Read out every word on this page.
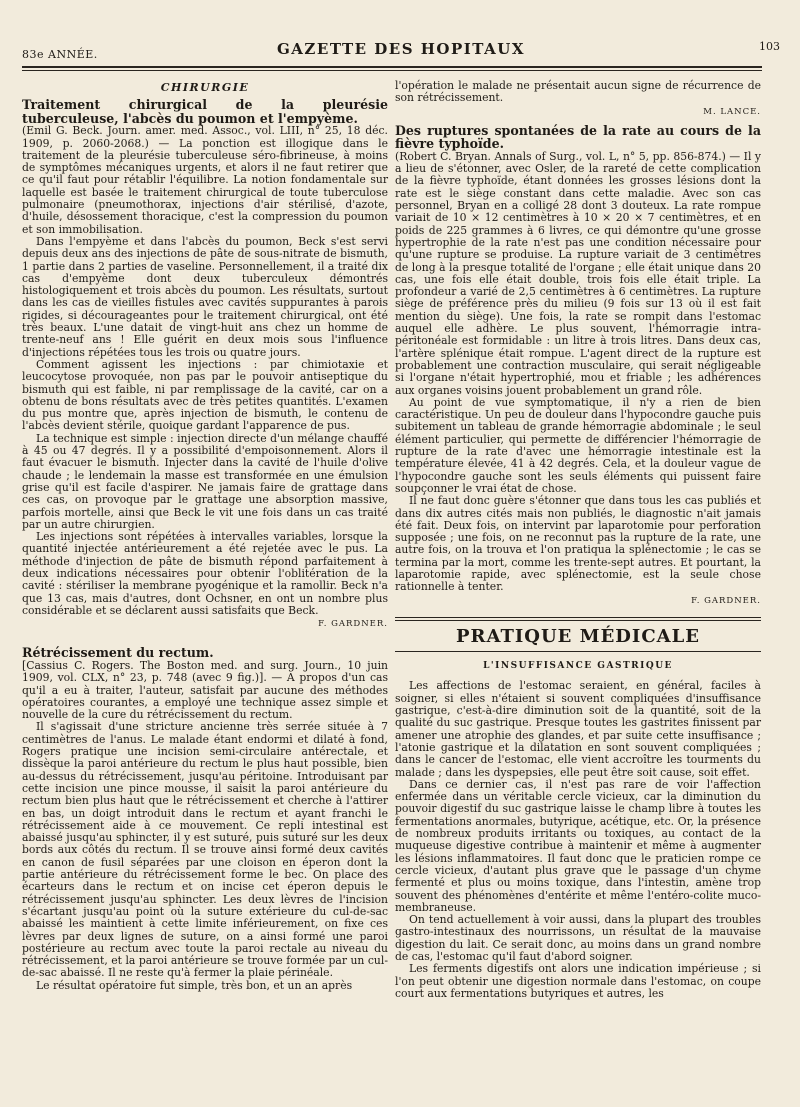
83e ANNÉE.	GAZETTE DES HOPITAUX	103
CHIRURGIE

Traitement chirurgical de la pleurésie tuberculeuse, l'abcès du poumon et l'empyème.

(Emil G. Beck. Journ. amer. med. Assoc., vol. LIII, n° 25, 18 déc. 1909, p. 2060-2068.) — La ponction est illogique dans le traitement de la pleurésie tuberculeuse séro-fibrineuse, à moins de symptômes mécaniques urgents, et alors il ne faut retirer que ce qu'il faut pour rétablir l'équilibre. La notion fondamentale sur laquelle est basée le traitement chirurgical de toute tuberculose pulmonaire (pneumothorax, injections d'air stérilisé, d'azote, d'huile, désossement thoracique, c'est la compression du poumon et son immobilisation.

Dans l'empyème et dans l'abcès du poumon, Beck s'est servi depuis deux ans des injections de pâte de sous-nitrate de bismuth, 1 partie dans 2 parties de vaseline. Personnellement, il a traité dix cas d'empyème dont deux tuberculeux démontrés histologiquement et trois abcès du poumon. Les résultats, surtout dans les cas de vieilles fistules avec cavités suppurantes à parois rigides, si décourageantes pour le traitement chirurgical, ont été très beaux. L'une datait de vingt-huit ans chez un homme de trente-neuf ans ! Elle guérit en deux mois sous l'influence d'injections répétées tous les trois ou quatre jours.

Comment agissent les injections : par chimiotaxie et leucocytose provoquée, non pas par le pouvoir antiseptique du bismuth qui est faible, ni par remplissage de la cavité, car on a obtenu de bons résultats avec de très petites quantités. L'examen du pus montre que, après injection de bismuth, le contenu de l'abcès devient stérile, quoique gardant l'apparence de pus.

La technique est simple : injection directe d'un mélange chauffé à 45 ou 47 degrés. Il y a possibilité d'empoisonnement. Alors il faut évacuer le bismuth. Injecter dans la cavité de l'huile d'olive chaude ; le lendemain la masse est transformée en une émulsion grise qu'il est facile d'aspirer. Ne jamais faire de grattage dans ces cas, on provoque par le grattage une absorption massive, parfois mortelle, ainsi que Beck le vit une fois dans un cas traité par un autre chirurgien.

Les injections sont répétées à intervalles variables, lorsque la quantité injectée antérieurement a été rejetée avec le pus. La méthode d'injection de pâte de bismuth répond parfaitement à deux indications nécessaires pour obtenir l'oblitération de la cavité : stériliser la membrane pyogénique et la ramollir. Beck n'a que 13 cas, mais d'autres, dont Ochsner, en ont un nombre plus considérable et se déclarent aussi satisfaits que Beck.

F. GARDNER.

Rétrécissement du rectum.

[Cassius C. Rogers. The Boston med. and surg. Journ., 10 juin 1909, vol. CLX, n° 23, p. 748 (avec 9 fig.)]. — A propos d'un cas qu'il a eu à traiter, l'auteur, satisfait par aucune des méthodes opératoires courantes, a employé une technique assez simple et nouvelle de la cure du rétrécissement du rectum.

Il s'agissait d'une stricture ancienne très serrée située à 7 centimètres de l'anus. Le malade étant endormi et dilaté à fond, Rogers pratique une incision semi-circulaire antérectale, et dissèque la paroi antérieure du rectum le plus haut possible, bien au-dessus du rétrécissement, jusqu'au péritoine. Introduisant par cette incision une pince mousse, il saisit la paroi antérieure du rectum bien plus haut que le rétrécissement et cherche à l'attirer en bas, un doigt introduit dans le rectum et ayant franchi le rétrécissement aide à ce mouvement. Ce repli intestinal est abaissé jusqu'au sphincter, il y est suturé, puis suturé sur les deux bords aux côtés du rectum. Il se trouve ainsi formé deux cavités en canon de fusil séparées par une cloison en éperon dont la partie antérieure du rétrécissement forme le bec. On place des écarteurs dans le rectum et on incise cet éperon depuis le rétrécissement jusqu'au sphincter. Les deux lèvres de l'incision s'écartant jusqu'au point où la suture extérieure du cul-de-sac abaissé les maintient à cette limite inférieurement, on fixe ces lèvres par deux lignes de suture, on a ainsi formé une paroi postérieure au rectum avec toute la paroi rectale au niveau du rétrécissement, et la paroi antérieure se trouve formée par un cul-de-sac abaissé. Il ne reste qu'à fermer la plaie périnéale.

Le résultat opératoire fut simple, très bon, et un an après

l'opération le malade ne présentait aucun signe de récurrence de son rétrécissement.

M. LANCE.

Des ruptures spontanées de la rate au cours de la fièvre typhoïde.

(Robert C. Bryan. Annals of Surg., vol. L, n° 5, pp. 856-874.) — Il y a lieu de s'étonner, avec Osler, de la rareté de cette complication de la fièvre typhoïde, étant données les grosses lésions dont la rate est le siège constant dans cette maladie. Avec son cas personnel, Bryan en a colligé 28 dont 3 douteux. La rate rompue variait de 10 × 12 centimètres à 10 × 20 × 7 centimètres, et en poids de 225 grammes à 6 livres, ce qui démontre qu'une grosse hypertrophie de la rate n'est pas une condition nécessaire pour qu'une rupture se produise. La rupture variait de 3 centimètres de long à la presque totalité de l'organe ; elle était unique dans 20 cas, une fois elle était double, trois fois elle était triple. La profondeur a varié de 2,5 centimètres à 6 centimètres. La rupture siège de préférence près du milieu (9 fois sur 13 où il est fait mention du siège). Une fois, la rate se rompit dans l'estomac auquel elle adhère. Le plus souvent, l'hémorragie intra-péritonéale est formidable : un litre à trois litres. Dans deux cas, l'artère splénique était rompue. L'agent direct de la rupture est probablement une contraction musculaire, qui serait négligeable si l'organe n'était hypertrophié, mou et friable ; les adhérences aux organes voisins jouent probablement un grand rôle.

Au point de vue symptomatique, il n'y a rien de bien caractéristique. Un peu de douleur dans l'hypocondre gauche puis subitement un tableau de grande hémorragie abdominale ; le seul élément particulier, qui permette de différencier l'hémorragie de rupture de la rate d'avec une hémorragie intestinale est la température élevée, 41 à 42 degrés. Cela, et la douleur vague de l'hypocondre gauche sont les seuls éléments qui puissent faire soupçonner le vrai état de chose.

Il ne faut donc guère s'étonner que dans tous les cas publiés et dans dix autres cités mais non publiés, le diagnostic n'ait jamais été fait. Deux fois, on intervint par laparotomie pour perforation supposée ; une fois, on ne reconnut pas la rupture de la rate, une autre fois, on la trouva et l'on pratiqua la splénectomie ; le cas se termina par la mort, comme les trente-sept autres. Et pourtant, la laparotomie rapide, avec splénectomie, est la seule chose rationnelle à tenter.

F. GARDNER.
PRATIQUE MÉDICALE
L'INSUFFISANCE GASTRIQUE

Les affections de l'estomac seraient, en général, faciles à soigner, si elles n'étaient si souvent compliquées d'insuffisance gastrique, c'est-à-dire diminution soit de la quantité, soit de la qualité du suc gastrique. Presque toutes les gastrites finissent par amener une atrophie des glandes, et par suite cette insuffisance ; l'atonie gastrique et la dilatation en sont souvent compliquées ; dans le cancer de l'estomac, elle vient accroître les tourments du malade ; dans les dyspepsies, elle peut être soit cause, soit effet.

Dans ce dernier cas, il n'est pas rare de voir l'affection enfermée dans un véritable cercle vicieux, car la diminution du pouvoir digestif du suc gastrique laisse le champ libre à toutes les fermentations anormales, butyrique, acétique, etc. Or, la présence de nombreux produits irritants ou toxiques, au contact de la muqueuse digestive contribue à maintenir et même à augmenter les lésions inflammatoires. Il faut donc que le praticien rompe ce cercle vicieux, d'autant plus grave que le passage d'un chyme fermenté et plus ou moins toxique, dans l'intestin, amène trop souvent des phénomènes d'entérite et même l'entéro-colite muco-membraneuse.

On tend actuellement à voir aussi, dans la plupart des troubles gastro-intestinaux des nourrissons, un résultat de la mauvaise digestion du lait. Ce serait donc, au moins dans un grand nombre de cas, l'estomac qu'il faut d'abord soigner.

Les ferments digestifs ont alors une indication impérieuse ; si l'on peut obtenir une digestion normale dans l'estomac, on coupe court aux fermentations butyriques et autres, les
